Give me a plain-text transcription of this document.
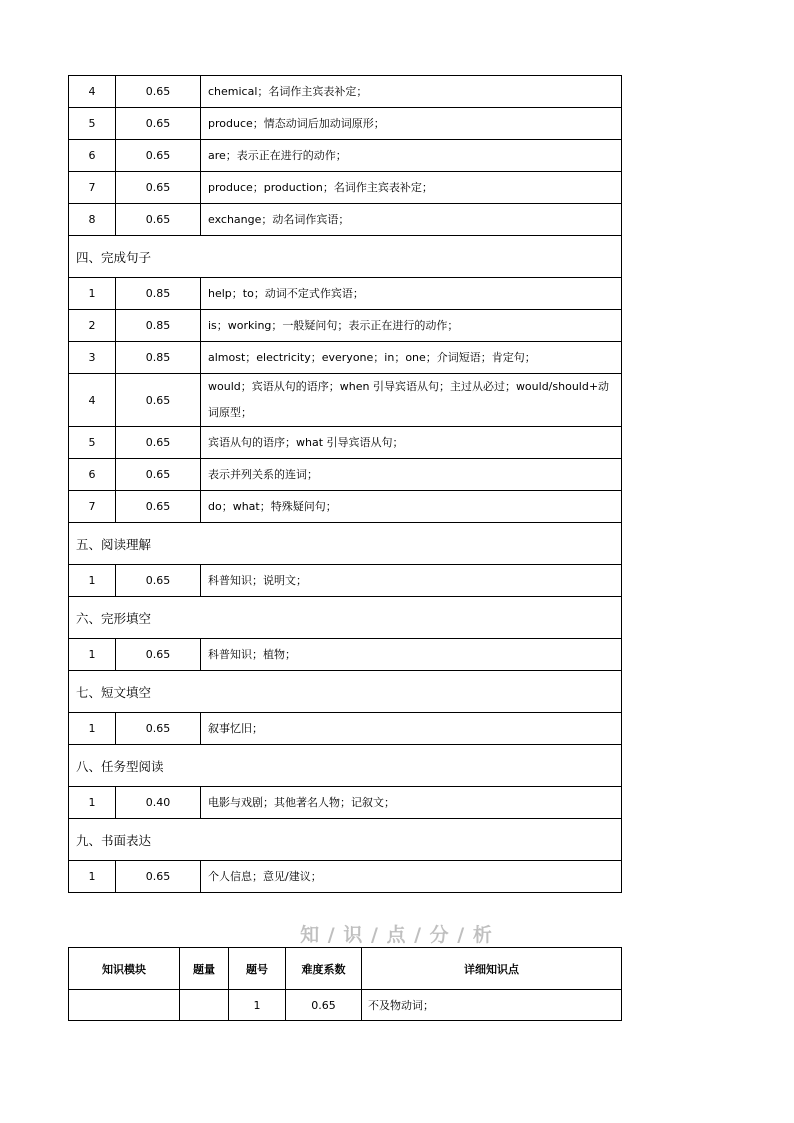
4	0.65	chemical；名词作主宾表补定；
5	0.65	produce；情态动词后加动词原形；
6	0.65	are；表示正在进行的动作；
7	0.65	produce；production；名词作主宾表补定；
8	0.65	exchange；动名词作宾语；
四、完成句子		
1	0.85	help；to；动词不定式作宾语；
2	0.85	is；working；一般疑问句；表示正在进行的动作；
3	0.85	almost；electricity；everyone；in；one；介词短语；肯定句；
4	0.65	would；宾语从句的语序；when 引导宾语从句；主过从必过；would/should+动词原型；
5	0.65	宾语从句的语序；what 引导宾语从句；
6	0.65	表示并列关系的连词；
7	0.65	do；what；特殊疑问句；
五、阅读理解		
1	0.65	科普知识；说明文；
六、完形填空		
1	0.65	科普知识；植物；
七、短文填空		
1	0.65	叙事忆旧；
八、任务型阅读		
1	0.40	电影与戏剧；其他著名人物；记叙文；
九、书面表达		
1	0.65	个人信息；意见/建议；
知 / 识 / 点 / 分 / 析
知识模块	题量	题号	难度系数	详细知识点
		1	0.65	不及物动词；
